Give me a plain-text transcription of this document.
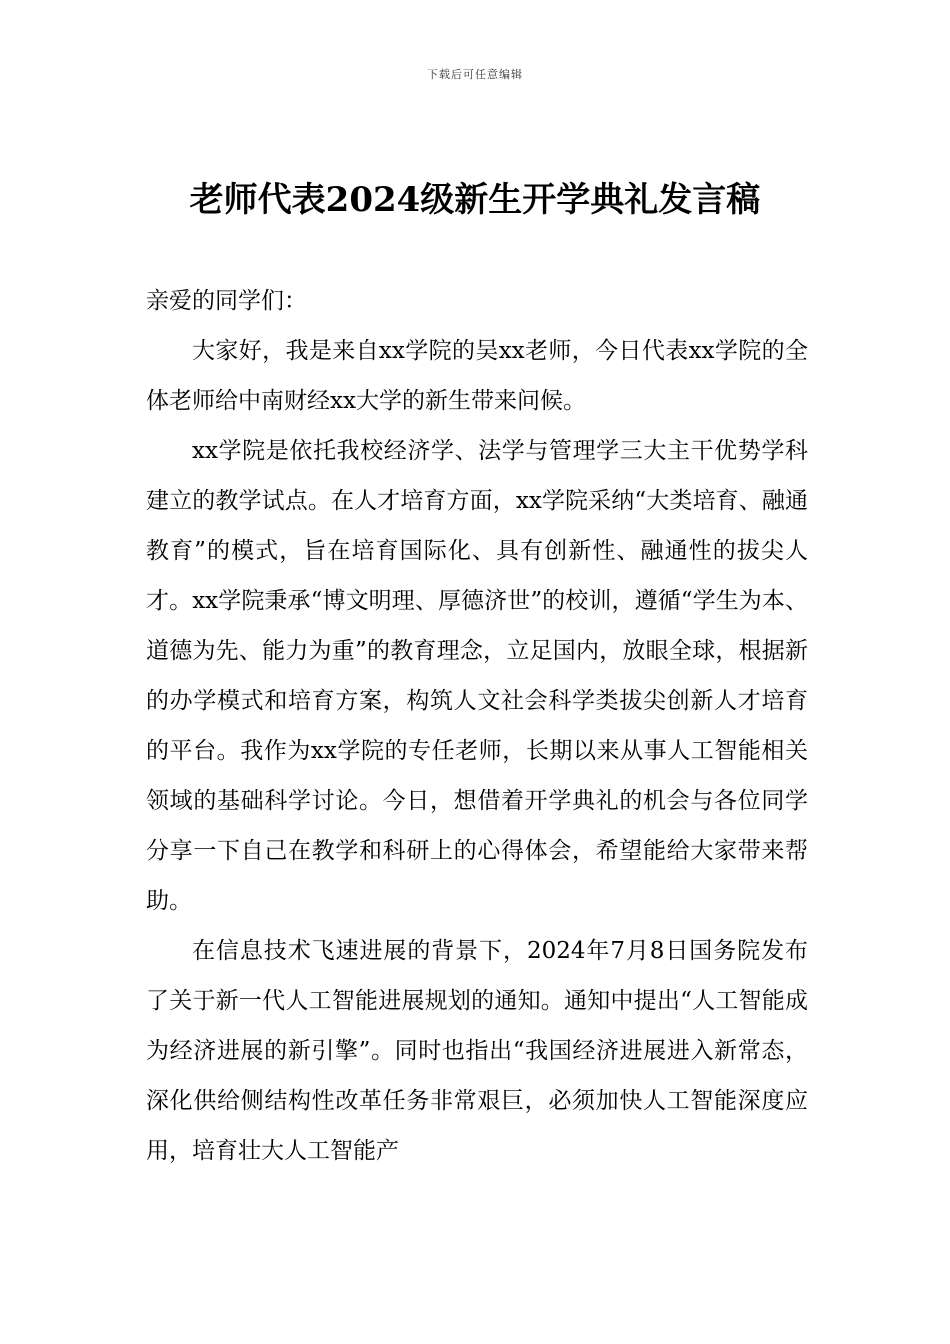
下载后可任意编辑
老师代表2024级新生开学典礼发言稿

亲爱的同学们：

大家好，我是来自xx学院的吴xx老师，今日代表xx学院的全体老师给中南财经xx大学的新生带来问候。

xx学院是依托我校经济学、法学与管理学三大主干优势学科建立的教学试点。在人才培育方面，xx学院采纳“大类培育、融通教育”的模式，旨在培育国际化、具有创新性、融通性的拔尖人才。xx学院秉承“博文明理、厚德济世”的校训，遵循“学生为本、道德为先、能力为重”的教育理念，立足国内，放眼全球，根据新的办学模式和培育方案，构筑人文社会科学类拔尖创新人才培育的平台。我作为xx学院的专任老师，长期以来从事人工智能相关领域的基础科学讨论。今日，想借着开学典礼的机会与各位同学分享一下自己在教学和科研上的心得体会，希望能给大家带来帮助。

在信息技术飞速进展的背景下，2024年7月8日国务院发布了关于新一代人工智能进展规划的通知。通知中提出“人工智能成为经济进展的新引擎”。同时也指出“我国经济进展进入新常态，深化供给侧结构性改革任务非常艰巨，必须加快人工智能深度应用，培育壮大人工智能产
